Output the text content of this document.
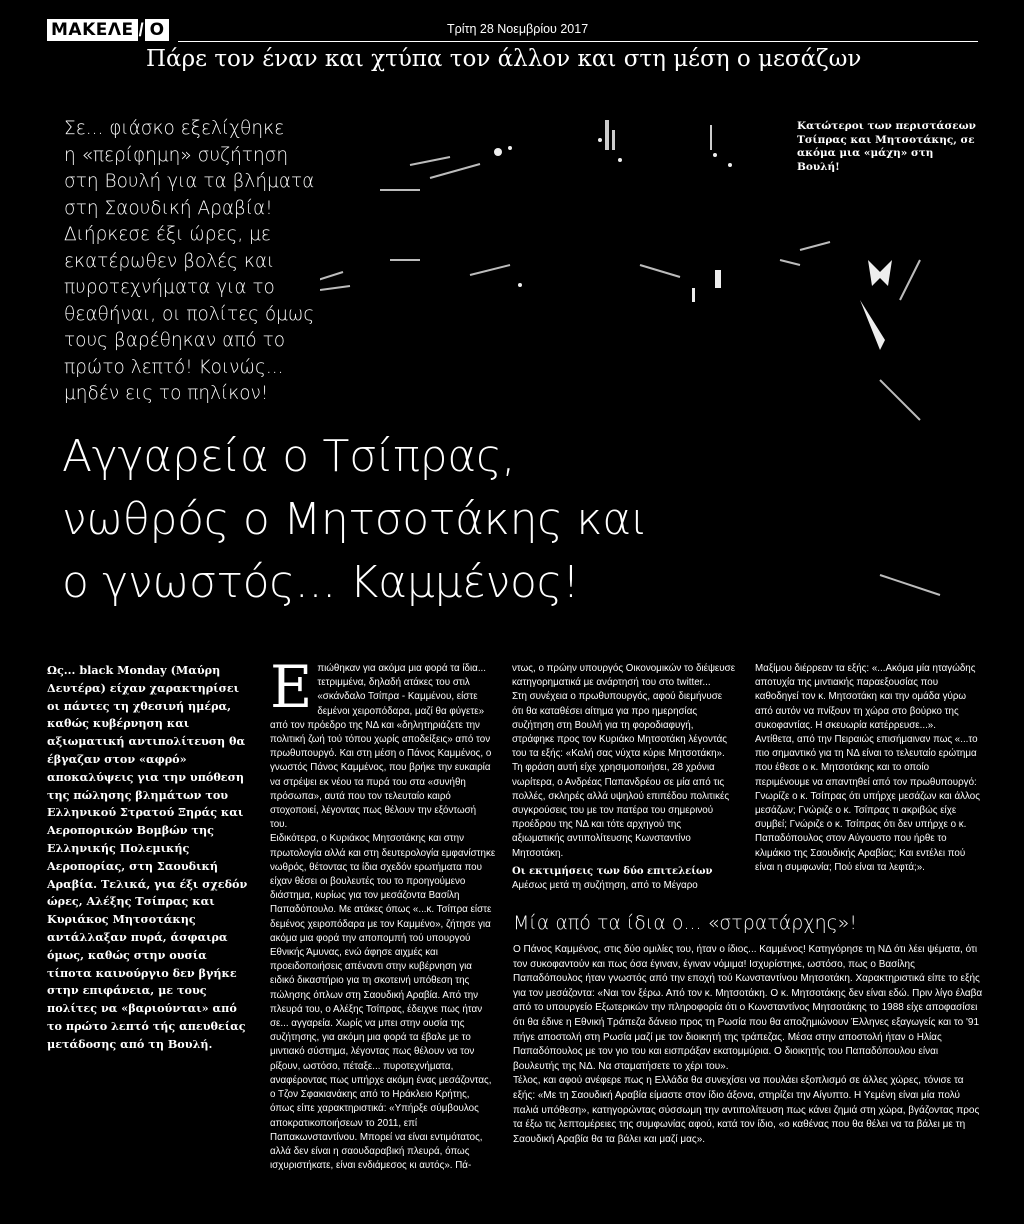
ΜΑΚΕΛΕ / Ο	Τρίτη 28 Νοεμβρίου 2017
Πάρε τον έναν και χτύπα τον άλλον και στη μέση ο μεσάζων
Κατώτεροι των περιστάσεων Τσίπρας και Μητσοτάκης, σε ακόμα μια «μάχη» στη Βουλή!
Σε... φιάσκο εξελίχθηκε
η «περίφημη» συζήτηση
στη Βουλή για τα βλήματα
στη Σαουδική Αραβία!
Διήρκεσε έξι ώρες, με
εκατέρωθεν βολές και
πυροτεχνήματα για το
θεαθήναι, οι πολίτες όμως
τους βαρέθηκαν από το
πρώτο λεπτό! Κοινώς...
μηδέν εις το πηλίκον!
Αγγαρεία ο Τσίπρας,
νωθρός ο Μητσοτάκης και
ο γνωστός... Καμμένος!
Ως... black Monday (Μαύρη Δευτέρα) είχαν χαρακτηρίσει οι πάντες τη χθεσινή ημέρα, καθώς κυβέρνηση και αξιωματική αντιπολίτευση θα έβγαζαν στον «αφρό» αποκαλύψεις για την υπόθεση της πώλησης βλημάτων του Ελληνικού Στρατού Ξηράς και Αεροπορικών Βομβών της Ελληνικής Πολεμικής Αεροπορίας, στη Σαουδική Αραβία. Τελικά, για έξι σχεδόν ώρες, Αλέξης Τσίπρας και Κυριάκος Μητσοτάκης αντάλλαξαν πυρά, άσφαιρα όμως, καθώς στην ουσία τίποτα καινούργιο δεν βγήκε στην επιφάνεια, με τους πολίτες να «βαριούνται» από το πρώτο λεπτό τής απευθείας μετάδοσης από τη Βουλή.
Ε πιώθηκαν για ακόμα μια φορά τα ίδια... τετριμμένα, δηλαδή ατάκες του στιλ «σκάνδαλο Τσίπρα - Καμμένου, είστε δεμένοι χειροπόδαρα, μαζί θα φύγετε» από τον πρόεδρο της ΝΔ και «δηλητηριάζετε την πολιτική ζωή τού τόπου χωρίς αποδείξεις» από τον πρωθυπουργό. Και στη μέση ο Πάνος Καμμένος, ο γνωστός Πάνος Καμμένος, που βρήκε την ευκαιρία να στρέψει εκ νέου τα πυρά του στα «συνήθη πρόσωπα», αυτά που τον τελευταίο καιρό στοχοποιεί, λέγοντας πως θέλουν την εξόντωσή του.

Ειδικότερα, ο Κυριάκος Μητσοτάκης και στην πρωτολογία αλλά και στη δευτερολογία εμφανίστηκε νωθρός, θέτοντας τα ίδια σχεδόν ερωτήματα που είχαν θέσει οι βουλευτές του το προηγούμενο διάστημα, κυρίως για τον μεσάζοντα Βασίλη Παπαδόπουλο. Με ατάκες όπως «...κ. Τσίπρα είστε δεμένος χειροπόδαρα με τον Καμμένο», ζήτησε για ακόμα μια φορά την αποπομπή τού υπουργού Εθνικής Άμυνας, ενώ άφησε αιχμές και προειδοποιήσεις απέναντι στην κυβέρνηση για ειδικό δικαστήριο για τη σκοτεινή υπόθεση της πώλησης όπλων στη Σαουδική Αραβία. Από την πλευρά του, ο Αλέξης Τσίπρας, έδειχνε πως ήταν σε... αγγαρεία. Χωρίς να μπει στην ουσία της συζήτησης, για ακόμη μια φορά τα έβαλε με το μιντιακό σύστημα, λέγοντας πως θέλουν να τον ρίξουν, ωστόσο, πέταξε... πυροτεχνήματα, αναφέροντας πως υπήρχε ακόμη ένας μεσάζοντας, ο Τζον Σφακιανάκης από το Ηράκλειο Κρήτης, όπως είπε χαρακτηριστικά: «Υπήρξε σύμβουλος αποκρατικοποιήσεων το 2011, επί Παπακωνσταντίνου. Μπορεί να είναι εντιμότατος, αλλά δεν είναι η σαουδαραβική πλευρά, όπως ισχυριστήκατε, είναι ενδιάμεσος κι αυτός». Πά-

ντως, ο πρώην υπουργός Οικονομικών το διέψευσε κατηγορηματικά με ανάρτησή του στο twitter...

Στη συνέχεια ο πρωθυπουργός, αφού διεμήνυσε ότι θα καταθέσει αίτημα για προ ημερησίας συζήτηση στη Βουλή για τη φοροδιαφυγή, στράφηκε προς τον Κυριάκο Μητσοτάκη λέγοντάς του τα εξής: «Καλή σας νύχτα κύριε Μητσοτάκη». Τη φράση αυτή είχε χρησιμοποιήσει, 28 χρόνια νωρίτερα, ο Ανδρέας Παπανδρέου σε μία από τις πολλές, σκληρές αλλά υψηλού επιπέδου πολιτικές συγκρούσεις του με τον πατέρα του σημερινού προέδρου της ΝΔ και τότε αρχηγού της αξιωματικής αντιπολίτευσης Κωνσταντίνο Μητσοτάκη.

Οι εκτιμήσεις των δύο επιτελείων

Αμέσως μετά τη συζήτηση, από το Μέγαρο

Μαξίμου διέρρεαν τα εξής: «...Ακόμα μία ηταγώδης αποτυχία της μιντιακής παραεξουσίας που καθοδηγεί τον κ. Μητσοτάκη και την ομάδα γύρω από αυτόν να πνίξουν τη χώρα στο βούρκο της συκοφαντίας. Η σκευωρία κατέρρευσε...».

Αντίθετα, από την Πειραιώς επισήμαιναν πως «...το πιο σημαντικό για τη ΝΔ είναι το τελευταίο ερώτημα που έθεσε ο κ. Μητσοτάκης και το οποίο περιμένουμε να απαντηθεί από τον πρωθυπουργό: Γνωρίζε ο κ. Τσίπρας ότι υπήρχε μεσάζων και άλλος μεσάζων; Γνώριζε ο κ. Τσίπρας τι ακριβώς είχε συμβεί; Γνώριζε ο κ. Τσίπρας ότι δεν υπήρχε ο κ. Παπαδόπουλος στον Αύγουστο που ήρθε το κλιμάκιο της Σαουδικής Αραβίας; Και εντέλει πού είναι η συμφωνία; Πού είναι τα λεφτά;».

Μία από τα ίδια ο... «στρατάρχης»!

Ο Πάνος Καμμένος, στις δύο ομιλίες του, ήταν ο ίδιος... Καμμένος! Κατηγόρησε τη ΝΔ ότι λέει ψέματα, ότι τον συκοφαντούν και πως όσα έγιναν, έγιναν νόμιμα! Ισχυρίστηκε, ωστόσο, πως ο Βασίλης Παπαδόπουλος ήταν γνωστός από την εποχή τού Κωνσταντίνου Μητσοτάκη. Χαρακτηριστικά είπε το εξής για τον μεσάζοντα: «Ναι τον ξέρω. Από τον κ. Μητσοτάκη. Ο κ. Μητσοτάκης δεν είναι εδώ. Πριν λίγο έλαβα από το υπουργείο Εξωτερικών την πληροφορία ότι ο Κωνσταντίνος Μητσοτάκης το 1988 είχε αποφασίσει ότι θα έδινε η Εθνική Τράπεζα δάνειο προς τη Ρωσία που θα αποζημιώνουν Έλληνες εξαγωγείς και το '91 πήγε αποστολή στη Ρωσία μαζί με τον διοικητή της τράπεζας. Μέσα στην αποστολή ήταν ο Ηλίας Παπαδόπουλος με τον γιο του και εισπράξαν εκατομμύρια. Ο διοικητής του Παπαδόπουλου είναι βουλευτής της ΝΔ. Να σταματήσετε το χέρι του».

Τέλος, και αφού ανέφερε πως η Ελλάδα θα συνεχίσει να πουλάει εξοπλισμό σε άλλες χώρες, τόνισε τα εξής: «Με τη Σαουδική Αραβία είμαστε στον ίδιο άξονα, στηρίζει την Αίγυπτο. Η Υεμένη είναι μία πολύ παλιά υπόθεση», κατηγορώντας σύσσωμη την αντιπολίτευση πως κάνει ζημιά στη χώρα, βγάζοντας προς τα έξω τις λεπτομέρειες της συμφωνίας αφού, κατά τον ίδιο, «ο καθένας που θα θέλει να τα βάλει με τη Σαουδική Αραβία θα τα βάλει και μαζί μας».
